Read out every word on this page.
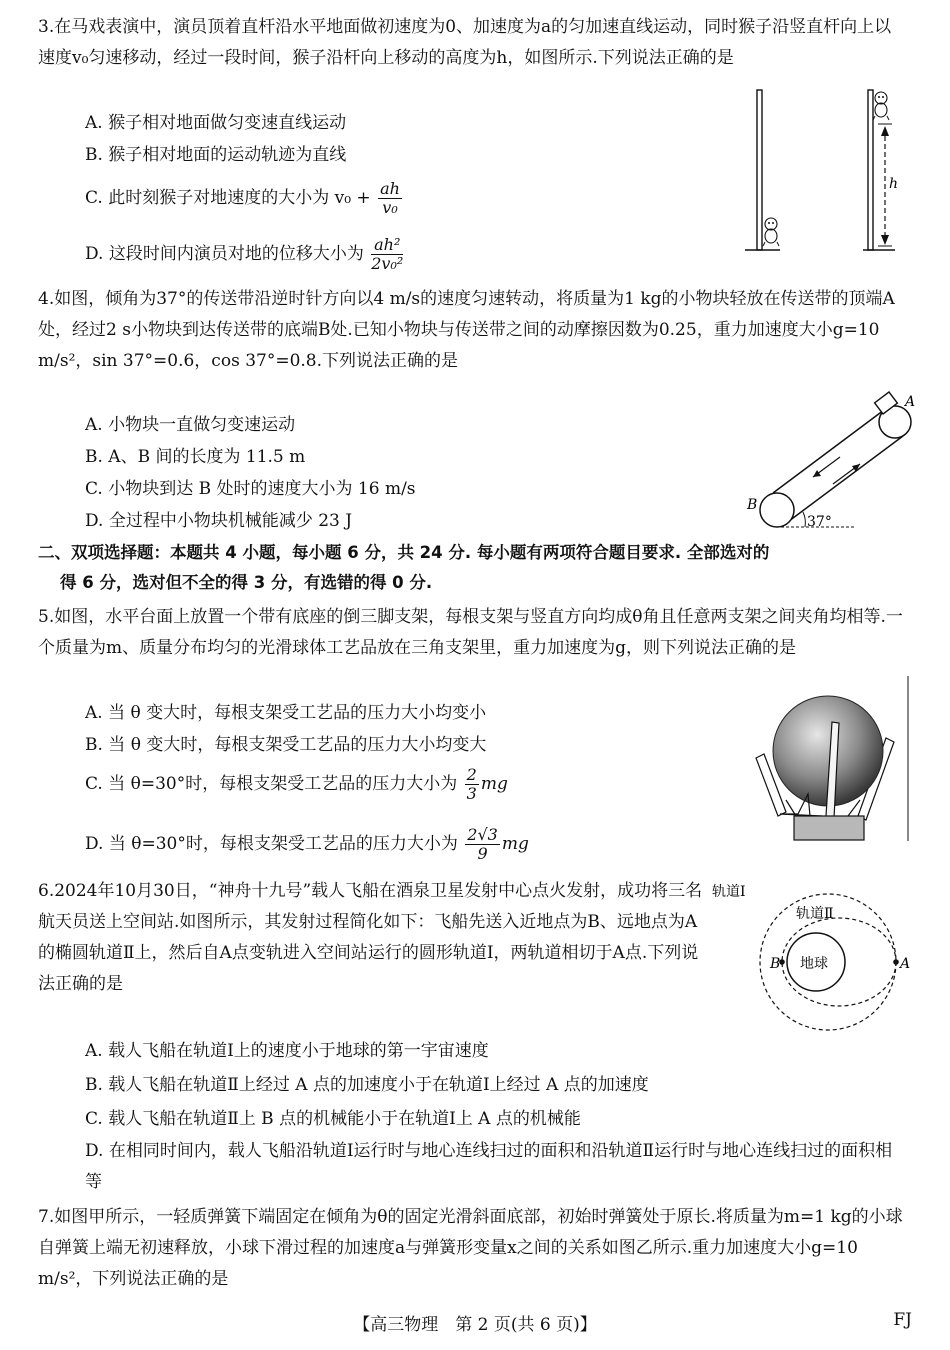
3.在马戏表演中，演员顶着直杆沿水平地面做初速度为0、加速度为a的匀加速直线运动，同时猴子沿竖直杆向上以速度v₀匀速移动，经过一段时间，猴子沿杆向上移动的高度为h，如图所示.下列说法正确的是
A. 猴子相对地面做匀变速直线运动
B. 猴子相对地面的运动轨迹为直线
C. 此时刻猴子对地速度的大小为 $v_0 + \frac{ah}{\text{v₀}}$
D. 这段时间内演员对地的位移大小为 $\frac{\text{ah²}}{\text{2v₀²}}$
h
4.如图，倾角为37°的传送带沿逆时针方向以4 m/s的速度匀速转动，将质量为1 kg的小物块轻放在传送带的顶端A处，经过2 s小物块到达传送带的底端B处.已知小物块与传送带之间的动摩擦因数为0.25，重力加速度大小g=10 m/s²，sin 37°=0.6，cos 37°=0.8.下列说法正确的是
A. 小物块一直做匀变速运动
B. A、B 间的长度为 11.5 m
C. 小物块到达 B 处时的速度大小为 16 m/s
D. 全过程中小物块机械能减少 23 J
A
B
37°
二、双项选择题：本题共 4 小题，每小题 6 分，共 24 分. 每小题有两项符合题目要求. 全部选对的
得 6 分，选对但不全的得 3 分，有选错的得 0 分.
5.如图，水平台面上放置一个带有底座的倒三脚支架，每根支架与竖直方向均成θ角且任意两支架之间夹角均相等.一个质量为m、质量分布均匀的光滑球体工艺品放在三角支架里，重力加速度为g，则下列说法正确的是
A. 当 θ 变大时，每根支架受工艺品的压力大小均变小
B. 当 θ 变大时，每根支架受工艺品的压力大小均变大
C. 当 θ=30°时，每根支架受工艺品的压力大小为 $\frac{2}{3}$ mg
D. 当 θ=30°时，每根支架受工艺品的压力大小为 $\frac{2√3}{9}$ mg
6.2024年10月30日，“神舟十九号”载人飞船在酒泉卫星发射中心点火发射，成功将三名航天员送上空间站.如图所示，其发射过程简化如下：飞船先送入近地点为B、远地点为A的椭圆轨道Ⅱ上，然后自A点变轨进入空间站运行的圆形轨道Ⅰ，两轨道相切于A点.下列说法正确的是
A. 载人飞船在轨道Ⅰ上的速度小于地球的第一宇宙速度
B. 载人飞船在轨道Ⅱ上经过 A 点的加速度小于在轨道Ⅰ上经过 A 点的加速度
C. 载人飞船在轨道Ⅱ上 B 点的机械能小于在轨道Ⅰ上 A 点的机械能
D. 在相同时间内，载人飞船沿轨道Ⅰ运行时与地心连线扫过的面积和沿轨道Ⅱ运行时与地心连线扫过的面积相等
地球
B	A
轨道Ⅰ
轨道Ⅱ
7.如图甲所示，一轻质弹簧下端固定在倾角为θ的固定光滑斜面底部，初始时弹簧处于原长.将质量为m=1 kg的小球自弹簧上端无初速释放，小球下滑过程的加速度a与弹簧形变量x之间的关系如图乙所示.重力加速度大小g=10 m/s²，下列说法正确的是
【高三物理　第 2 页(共 6 页)】	FJ
